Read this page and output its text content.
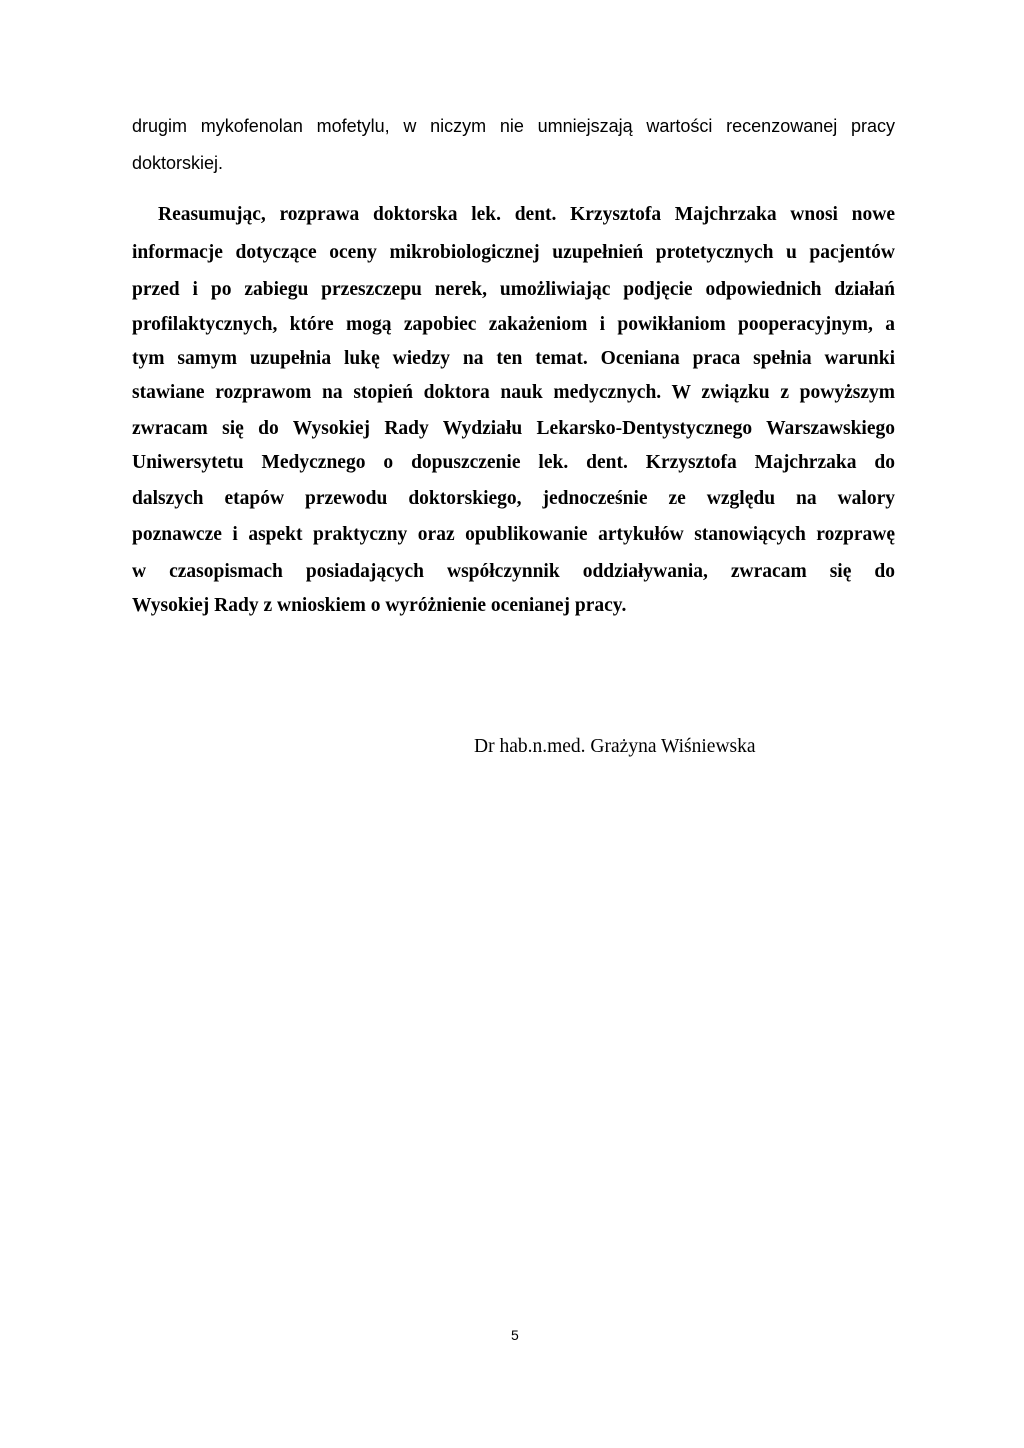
drugim mykofenolan mofetylu, w niczym nie umniejszają wartości recenzowanej pracy
doktorskiej.
Reasumując, rozprawa doktorska lek. dent. Krzysztofa Majchrzaka wnosi nowe
informacje dotyczące oceny mikrobiologicznej uzupełnień protetycznych u pacjentów
przed i po zabiegu przeszczepu nerek, umożliwiając podjęcie odpowiednich działań
profilaktycznych, które mogą zapobiec zakażeniom i powikłaniom pooperacyjnym, a
tym samym uzupełnia lukę wiedzy na ten temat. Oceniana praca spełnia warunki
stawiane rozprawom na stopień doktora nauk medycznych. W związku z powyższym
zwracam się do Wysokiej Rady Wydziału Lekarsko-Dentystycznego Warszawskiego
Uniwersytetu Medycznego o dopuszczenie lek. dent. Krzysztofa Majchrzaka do
dalszych etapów przewodu doktorskiego, jednocześnie ze względu na walory
poznawcze i aspekt praktyczny oraz opublikowanie artykułów stanowiących rozprawę
w czasopismach posiadających współczynnik oddziaływania, zwracam się do
Wysokiej Rady z wnioskiem o wyróżnienie ocenianej pracy.
Dr hab.n.med. Grażyna Wiśniewska
5
